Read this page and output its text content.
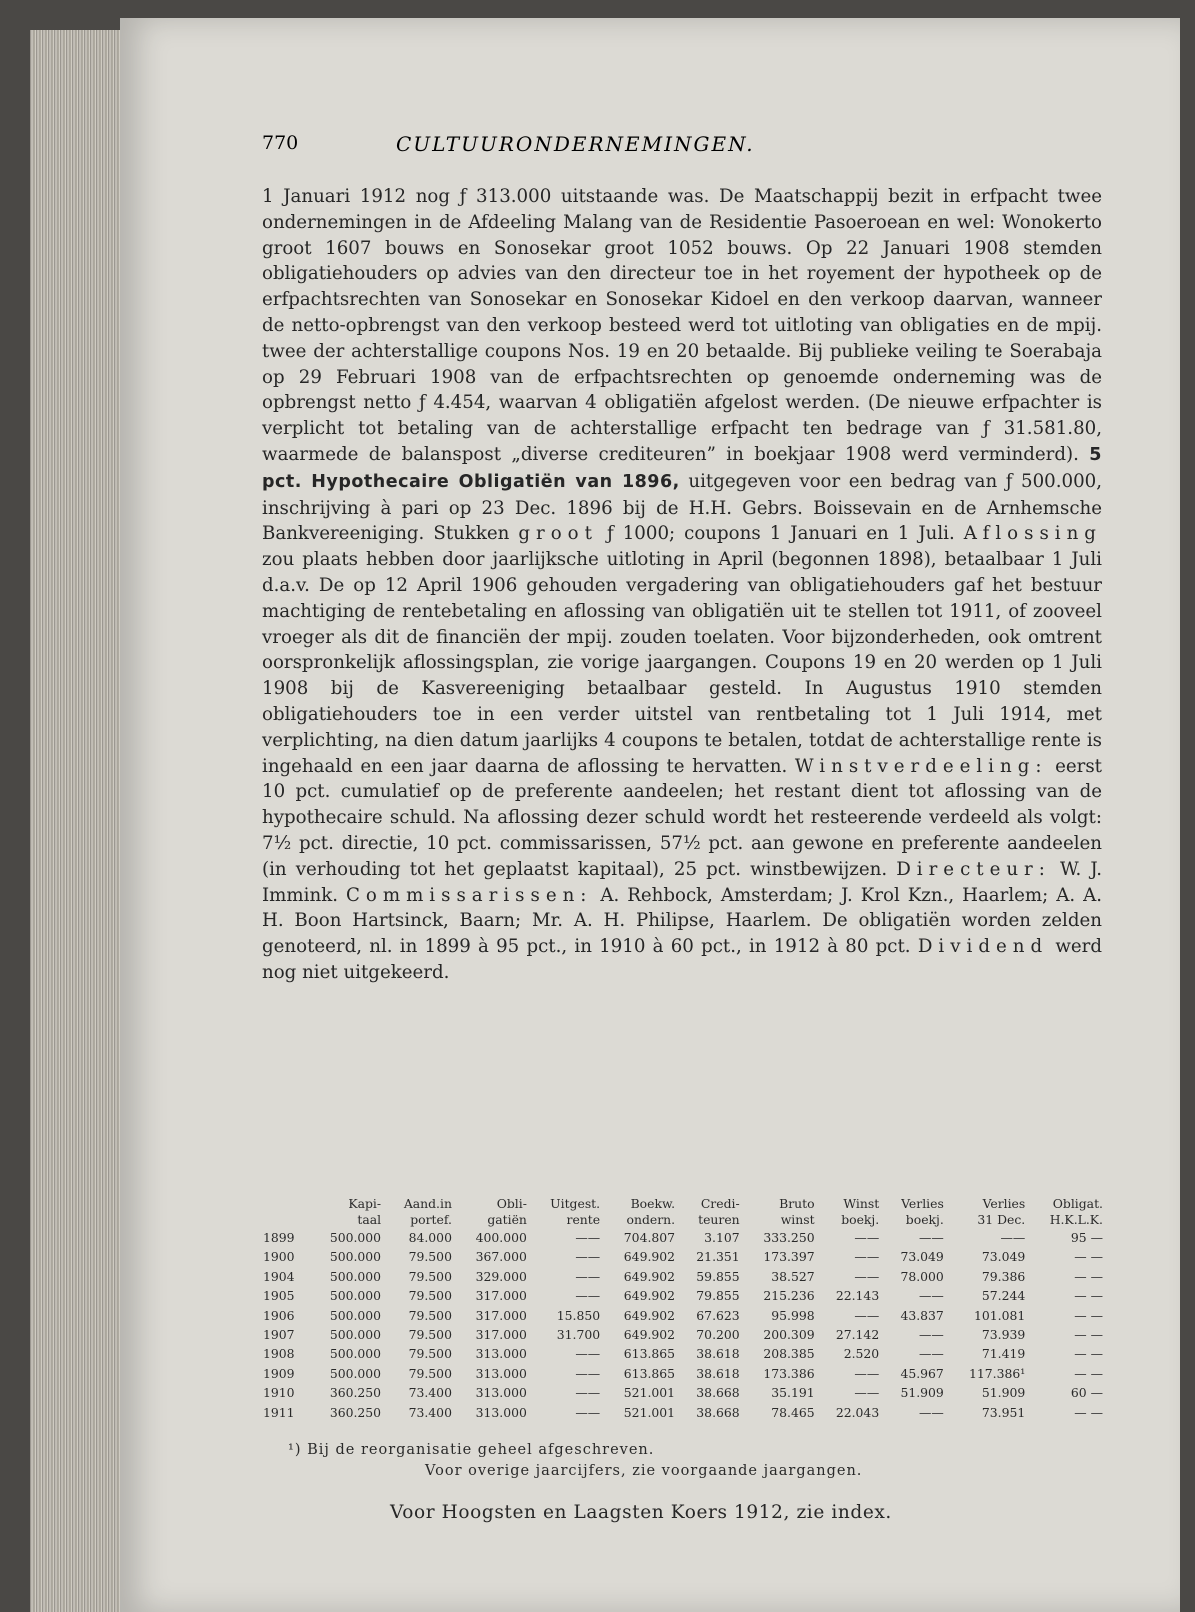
770	CULTUURONDERNEMINGEN.

1 Januari 1912 nog ƒ 313.000 uitstaande was. De Maatschappij bezit in erfpacht twee ondernemingen in de Afdeeling Malang van de Residentie Pasoeroean en wel: Wonokerto groot 1607 bouws en Sonosekar groot 1052 bouws. Op 22 Januari 1908 stemden obligatiehouders op advies van den directeur toe in het royement der hypotheek op de erfpachtsrechten van Sonosekar en Sonosekar Kidoel en den verkoop daarvan, wanneer de netto-opbrengst van den verkoop besteed werd tot uitloting van obligaties en de mpij. twee der achterstallige coupons Nos. 19 en 20 betaalde. Bij publieke veiling te Soerabaja op 29 Februari 1908 van de erfpachtsrechten op genoemde onderneming was de opbrengst netto ƒ 4.454, waarvan 4 obligatiën afgelost werden. (De nieuwe erfpachter is verplicht tot betaling van de achterstallige erfpacht ten bedrage van ƒ 31.581.80, waarmede de balanspost „diverse crediteuren” in boekjaar 1908 werd verminderd). 5 pct. Hypothecaire Obligatiën van 1896, uitgegeven voor een bedrag van ƒ 500.000, inschrijving à pari op 23 Dec. 1896 bij de H.H. Gebrs. Boissevain en de Arnhemsche Bankvereeniging. Stukken groot ƒ 1000; coupons 1 Januari en 1 Juli. Aflossing zou plaats hebben door jaarlijksche uitloting in April (begonnen 1898), betaalbaar 1 Juli d.a.v. De op 12 April 1906 gehouden vergadering van obligatiehouders gaf het bestuur machtiging de rentebetaling en aflossing van obligatiën uit te stellen tot 1911, of zooveel vroeger als dit de financiën der mpij. zouden toelaten. Voor bijzonderheden, ook omtrent oorspronkelijk aflossingsplan, zie vorige jaargangen. Coupons 19 en 20 werden op 1 Juli 1908 bij de Kasvereeniging betaalbaar gesteld. In Augustus 1910 stemden obligatiehouders toe in een verder uitstel van rentbetaling tot 1 Juli 1914, met verplichting, na dien datum jaarlijks 4 coupons te betalen, totdat de achterstallige rente is ingehaald en een jaar daarna de aflossing te hervatten. Winstverdeeling: eerst 10 pct. cumulatief op de preferente aandeelen; het restant dient tot aflossing van de hypothecaire schuld. Na aflossing dezer schuld wordt het resteerende verdeeld als volgt: 7½ pct. directie, 10 pct. commissarissen, 57½ pct. aan gewone en preferente aandeelen (in verhouding tot het geplaatst kapitaal), 25 pct. winstbewijzen. Directeur: W. J. Immink. Commissarissen: A. Rehbock, Amsterdam; J. Krol Kzn., Haarlem; A. A. H. Boon Hartsinck, Baarn; Mr. A. H. Philipse, Haarlem. De obligatiën worden zelden genoteerd, nl. in 1899 à 95 pct., in 1910 à 60 pct., in 1912 à 80 pct. Dividend werd nog niet uitgekeerd.

	Kapi-	Aand.in	Obli-	Uitgest.	Boekw.	Credi-	Bruto	Winst	Verlies	Verlies	Obligat.
	taal	portef.	gatiën	rente	ondern.	teuren	winst	boekj.	boekj.	31 Dec.	H.K.L.K.
1899	500.000	84.000	400.000	——	704.807	3.107	333.250	——	——	——	95 —
1900	500.000	79.500	367.000	——	649.902	21.351	173.397	——	73.049	73.049	— —
1904	500.000	79.500	329.000	——	649.902	59.855	38.527	——	78.000	79.386	— —
1905	500.000	79.500	317.000	——	649.902	79.855	215.236	22.143	——	57.244	— —
1906	500.000	79.500	317.000	15.850	649.902	67.623	95.998	——	43.837	101.081	— —
1907	500.000	79.500	317.000	31.700	649.902	70.200	200.309	27.142	——	73.939	— —
1908	500.000	79.500	313.000	——	613.865	38.618	208.385	2.520	——	71.419	— —
1909	500.000	79.500	313.000	——	613.865	38.618	173.386	——	45.967	117.386¹	— —
1910	360.250	73.400	313.000	——	521.001	38.668	35.191	——	51.909	51.909	60 —
1911	360.250	73.400	313.000	——	521.001	38.668	78.465	22.043	——	73.951	— —
¹) Bij de reorganisatie geheel afgeschreven.
Voor overige jaarcijfers, zie voorgaande jaargangen.
Voor Hoogsten en Laagsten Koers 1912, zie index.
